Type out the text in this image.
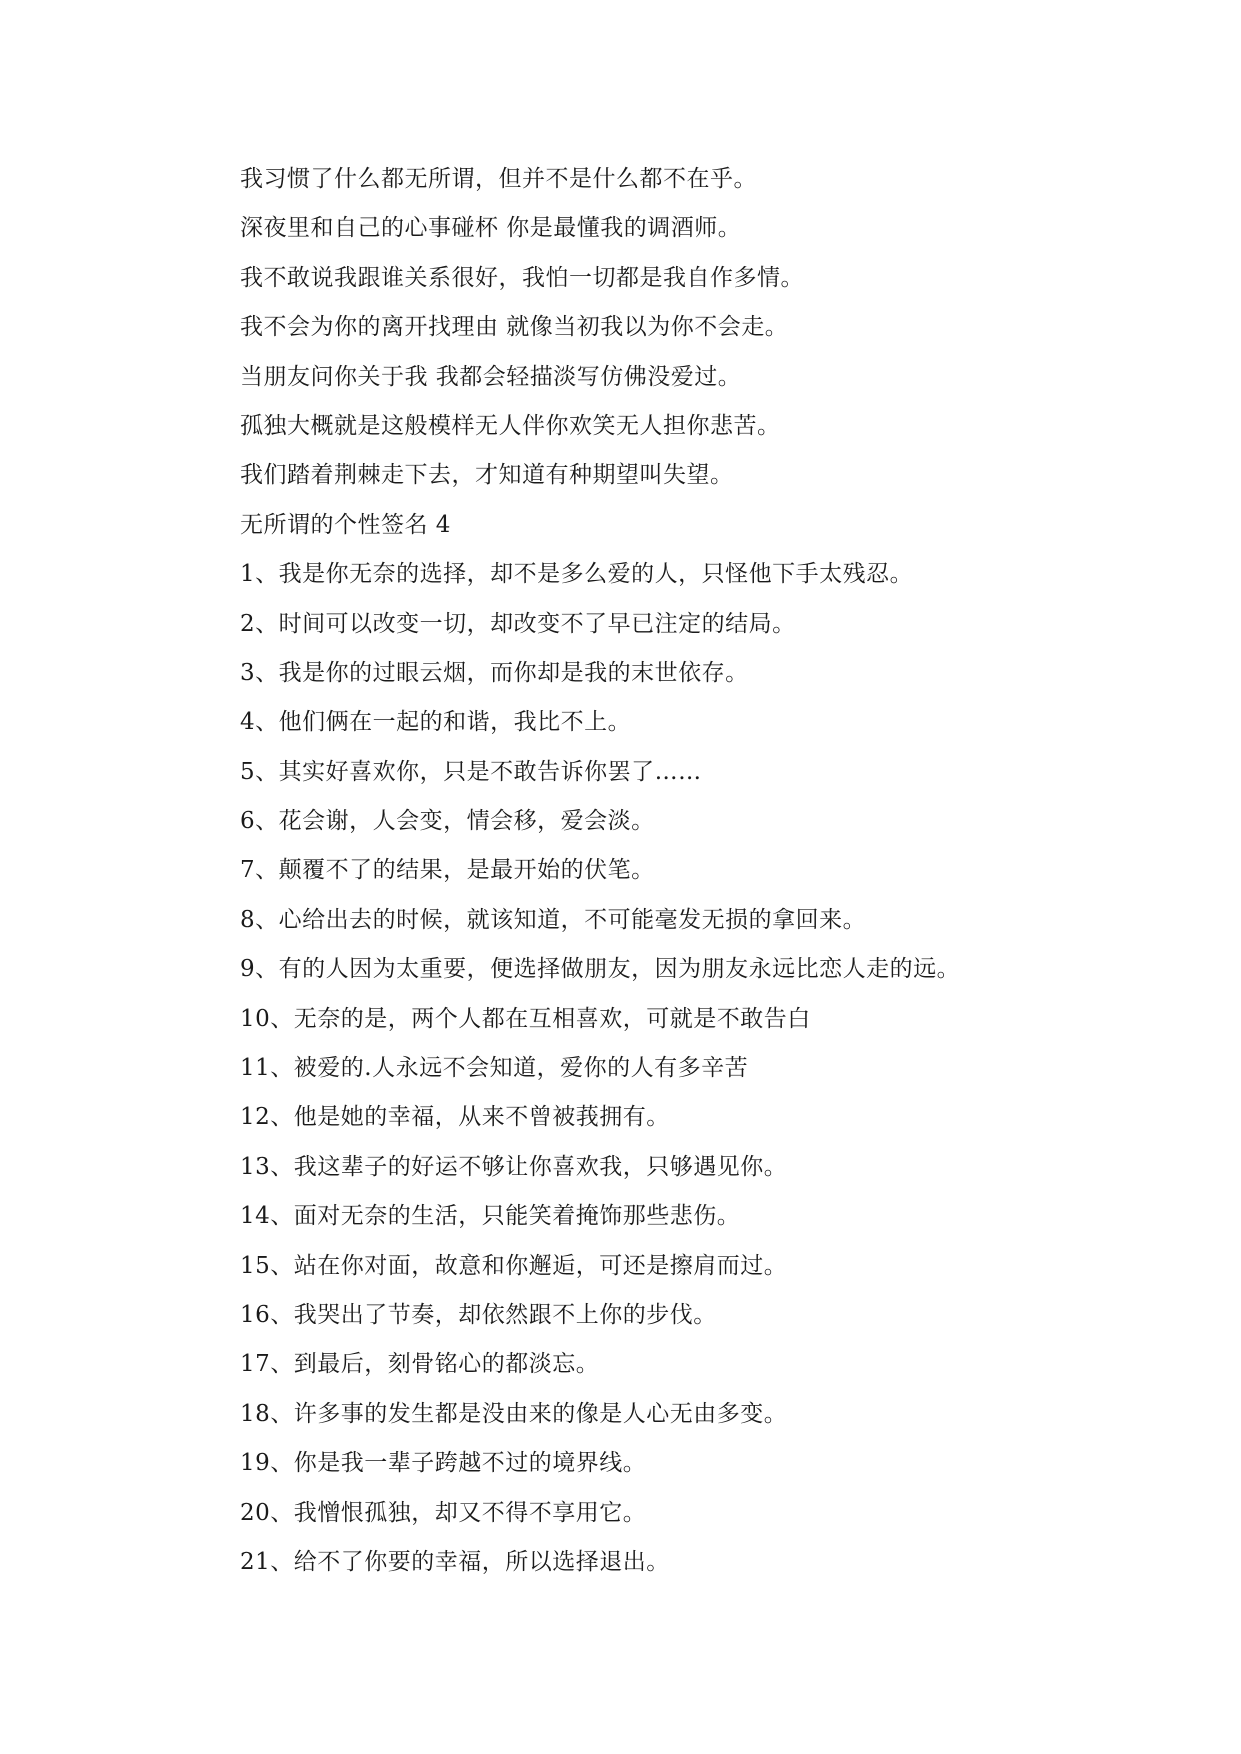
我习惯了什么都无所谓，但并不是什么都不在乎。
深夜里和自己的心事碰杯 你是最懂我的调酒师。
我不敢说我跟谁关系很好，我怕一切都是我自作多情。
我不会为你的离开找理由 就像当初我以为你不会走。
当朋友问你关于我 我都会轻描淡写仿佛没爱过。
孤独大概就是这般模样无人伴你欢笑无人担你悲苦。
我们踏着荆棘走下去，才知道有种期望叫失望。
无所谓的个性签名 4
1、我是你无奈的选择，却不是多么爱的人，只怪他下手太残忍。
2、时间可以改变一切，却改变不了早已注定的结局。
3、我是你的过眼云烟，而你却是我的末世依存。
4、他们俩在一起的和谐，我比不上。
5、其实好喜欢你，只是不敢告诉你罢了……
6、花会谢，人会变，情会移，爱会淡。
7、颠覆不了的结果，是最开始的伏笔。
8、心给出去的时候，就该知道，不可能毫发无损的拿回来。
9、有的人因为太重要，便选择做朋友，因为朋友永远比恋人走的远。
10、无奈的是，两个人都在互相喜欢，可就是不敢告白
11、被爱的.人永远不会知道，爱你的人有多辛苦
12、他是她的幸福，从来不曾被莪拥有。
13、我这辈子的好运不够让你喜欢我，只够遇见你。
14、面对无奈的生活，只能笑着掩饰那些悲伤。
15、站在你对面，故意和你邂逅，可还是擦肩而过。
16、我哭出了节奏，却依然跟不上你的步伐。
17、到最后，刻骨铭心的都淡忘。
18、许多事的发生都是没由来的像是人心无由多变。
19、你是我一辈子跨越不过的境界线。
20、我憎恨孤独，却又不得不享用它。
21、给不了你要的幸福，所以选择退出。
